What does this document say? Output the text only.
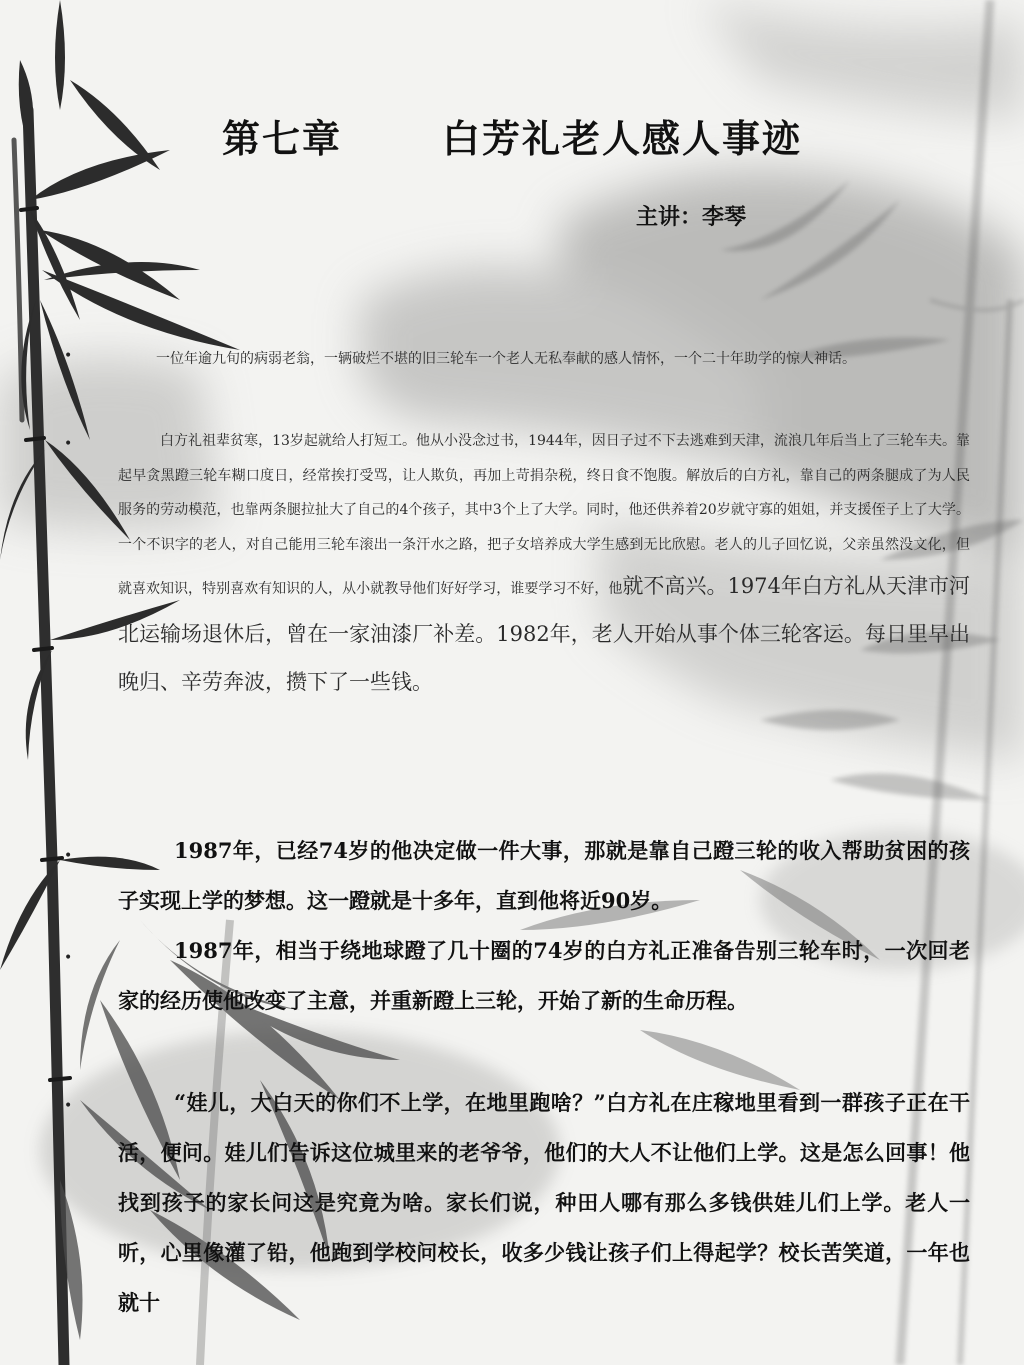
第七章	白芳礼老人感人事迹
主讲：李琴
•
•
•
•
•
一位年逾九旬的病弱老翁，一辆破烂不堪的旧三轮车一个老人无私奉献的感人情怀，一个二十年助学的惊人神话。
白方礼祖辈贫寒，13岁起就给人打短工。他从小没念过书，1944年，因日子过不下去逃难到天津，流浪几年后当上了三轮车夫。靠起早贪黑蹬三轮车糊口度日，经常挨打受骂，让人欺负，再加上苛捐杂税，终日食不饱腹。解放后的白方礼，靠自己的两条腿成了为人民服务的劳动模范，也靠两条腿拉扯大了自己的4个孩子，其中3个上了大学。同时，他还供养着20岁就守寡的姐姐，并支援侄子上了大学。一个不识字的老人，对自己能用三轮车滚出一条汗水之路，把子女培养成大学生感到无比欣慰。老人的儿子回忆说，父亲虽然没文化，但就喜欢知识，特别喜欢有知识的人，从小就教导他们好好学习，谁要学习不好，他就不高兴。1974年白方礼从天津市河北运输场退休后，曾在一家油漆厂补差。1982年，老人开始从事个体三轮客运。每日里早出晚归、辛劳奔波，攒下了一些钱。
1987年，已经74岁的他决定做一件大事，那就是靠自己蹬三轮的收入帮助贫困的孩子实现上学的梦想。这一蹬就是十多年，直到他将近90岁。
1987年，相当于绕地球蹬了几十圈的74岁的白方礼正准备告别三轮车时，一次回老家的经历使他改变了主意，并重新蹬上三轮，开始了新的生命历程。
“娃儿，大白天的你们不上学，在地里跑啥？”白方礼在庄稼地里看到一群孩子正在干活，便问。娃儿们告诉这位城里来的老爷爷，他们的大人不让他们上学。这是怎么回事！他找到孩子的家长问这是究竟为啥。家长们说，种田人哪有那么多钱供娃儿们上学。老人一听，心里像灌了铅，他跑到学校问校长，收多少钱让孩子们上得起学？校长苦笑道，一年也就十
